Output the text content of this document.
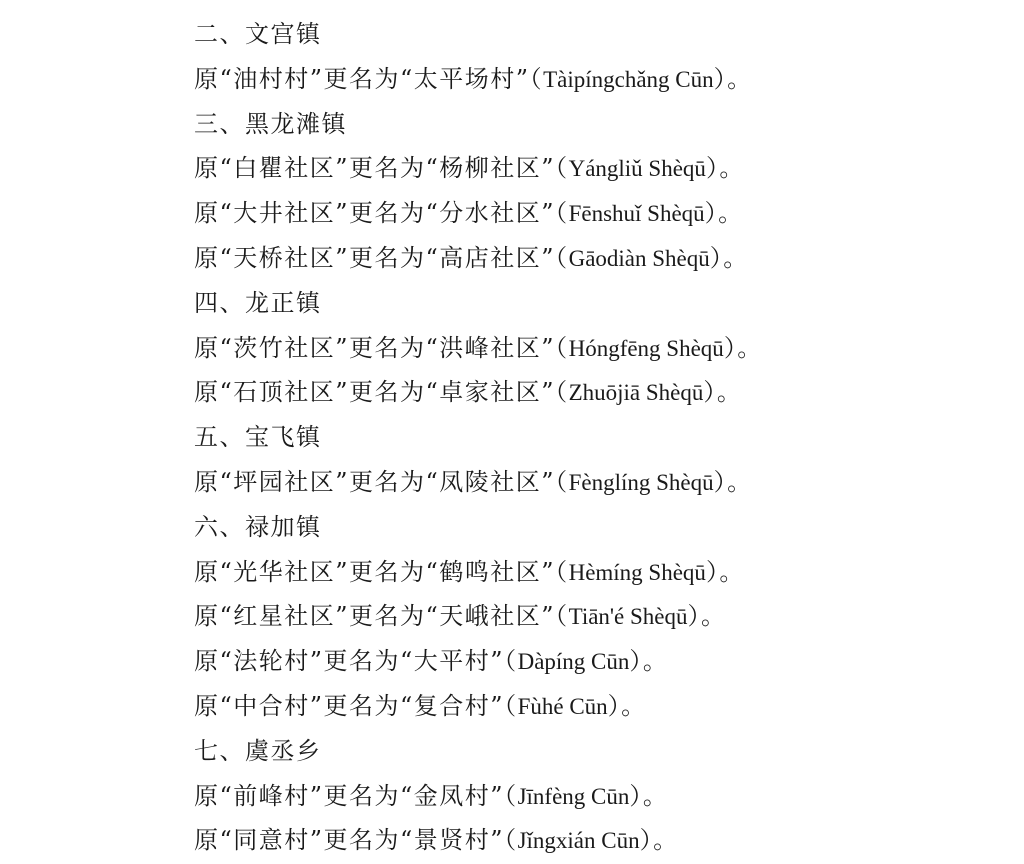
二、文宫镇
原“油村村”更名为“太平场村”（Tàipíngchǎng Cūn）。
三、黑龙滩镇
原“白瞿社区”更名为“杨柳社区”（Yángliǔ Shèqū）。
原“大井社区”更名为“分水社区”（Fēnshuǐ Shèqū）。
原“天桥社区”更名为“高店社区”（Gāodiàn Shèqū）。
四、龙正镇
原“茨竹社区”更名为“洪峰社区”（Hóngfēng Shèqū）。
原“石顶社区”更名为“卓家社区”（Zhuōjiā Shèqū）。
五、宝飞镇
原“坪园社区”更名为“凤陵社区”（Fènglíng Shèqū）。
六、禄加镇
原“光华社区”更名为“鹤鸣社区”（Hèmíng Shèqū）。
原“红星社区”更名为“天峨社区”（Tiān'é Shèqū）。
原“法轮村”更名为“大平村”（Dàpíng Cūn）。
原“中合村”更名为“复合村”（Fùhé Cūn）。
七、虞丞乡
原“前峰村”更名为“金凤村”（Jīnfèng Cūn）。
原“同意村”更名为“景贤村”（Jǐngxián Cūn）。
